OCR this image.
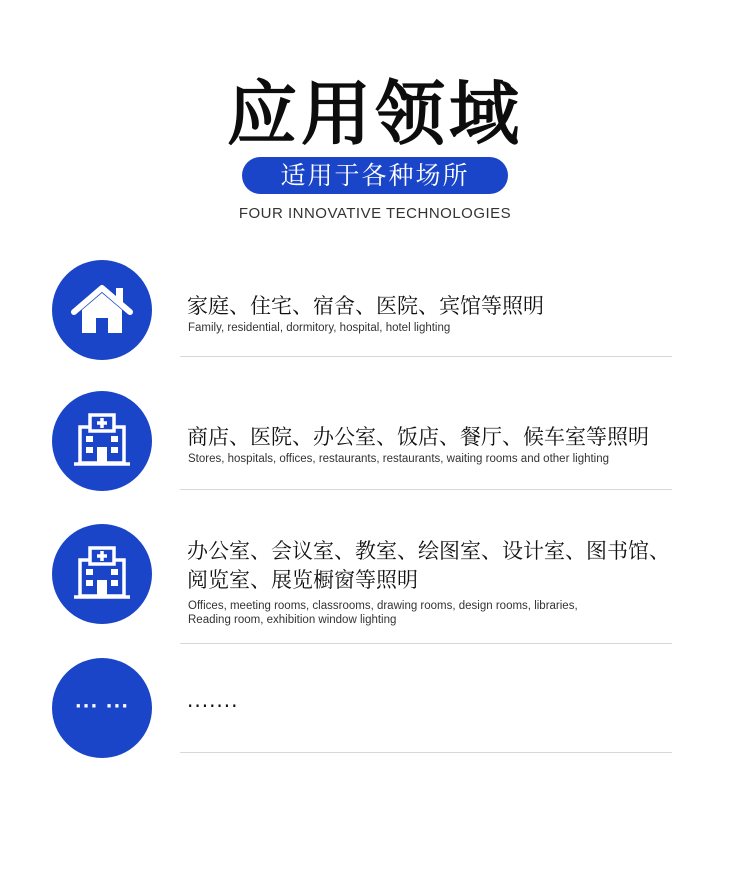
应用领域
适用于各种场所
FOUR INNOVATIVE TECHNOLOGIES
家庭、住宅、宿舍、医院、宾馆等照明
Family, residential, dormitory, hospital, hotel lighting
商店、医院、办公室、饭店、餐厅、候车室等照明
Stores, hospitals, offices, restaurants, restaurants, waiting rooms and other lighting
办公室、会议室、教室、绘图室、设计室、图书馆、
阅览室、展览橱窗等照明
Offices, meeting rooms, classrooms, drawing rooms, design rooms, libraries,
Reading room, exhibition window lighting
··· ···	·······
